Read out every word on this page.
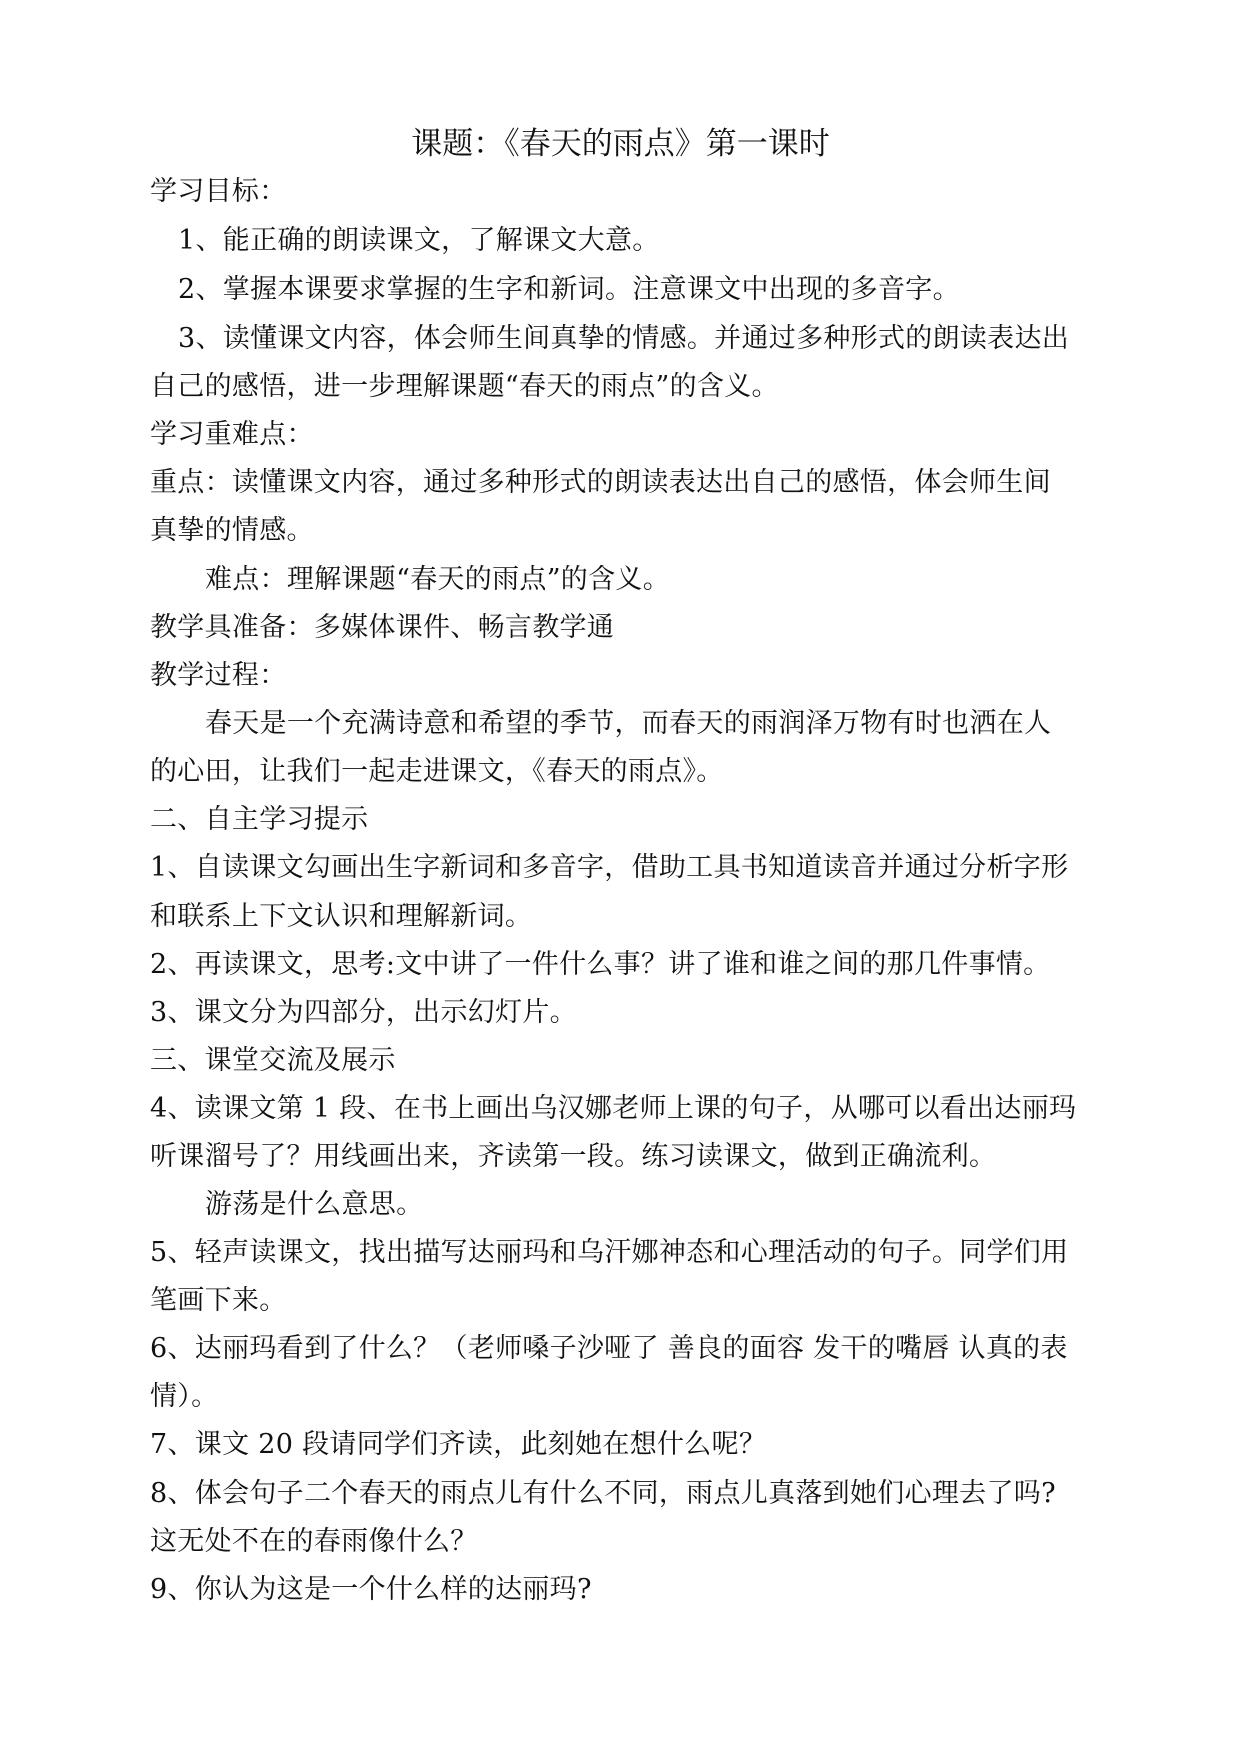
课题：《春天的雨点》第一课时
学习目标：
1、能正确的朗读课文，了解课文大意。
2、掌握本课要求掌握的生字和新词。注意课文中出现的多音字。
3、读懂课文内容，体会师生间真挚的情感。并通过多种形式的朗读表达出
自己的感悟，进一步理解课题“春天的雨点”的含义。
学习重难点：
重点：读懂课文内容，通过多种形式的朗读表达出自己的感悟，体会师生间
真挚的情感。
难点：理解课题“春天的雨点”的含义。
教学具准备：多媒体课件、畅言教学通
教学过程：
春天是一个充满诗意和希望的季节，而春天的雨润泽万物有时也洒在人
的心田，让我们一起走进课文，《春天的雨点》。
二、自主学习提示
1、自读课文勾画出生字新词和多音字，借助工具书知道读音并通过分析字形
和联系上下文认识和理解新词。
2、再读课文，思考:文中讲了一件什么事？讲了谁和谁之间的那几件事情。
3、课文分为四部分，出示幻灯片。
三、课堂交流及展示
4、读课文第 1 段、在书上画出乌汉娜老师上课的句子，从哪可以看出达丽玛
听课溜号了？用线画出来，齐读第一段。练习读课文，做到正确流利。
游荡是什么意思。
5、轻声读课文，找出描写达丽玛和乌汗娜神态和心理活动的句子。同学们用
笔画下来。
6、达丽玛看到了什么？（老师嗓子沙哑了 善良的面容 发干的嘴唇 认真的表
情）。
7、课文 20 段请同学们齐读，此刻她在想什么呢？
8、体会句子二个春天的雨点儿有什么不同，雨点儿真落到她们心理去了吗?
这无处不在的春雨像什么？
9、你认为这是一个什么样的达丽玛?
